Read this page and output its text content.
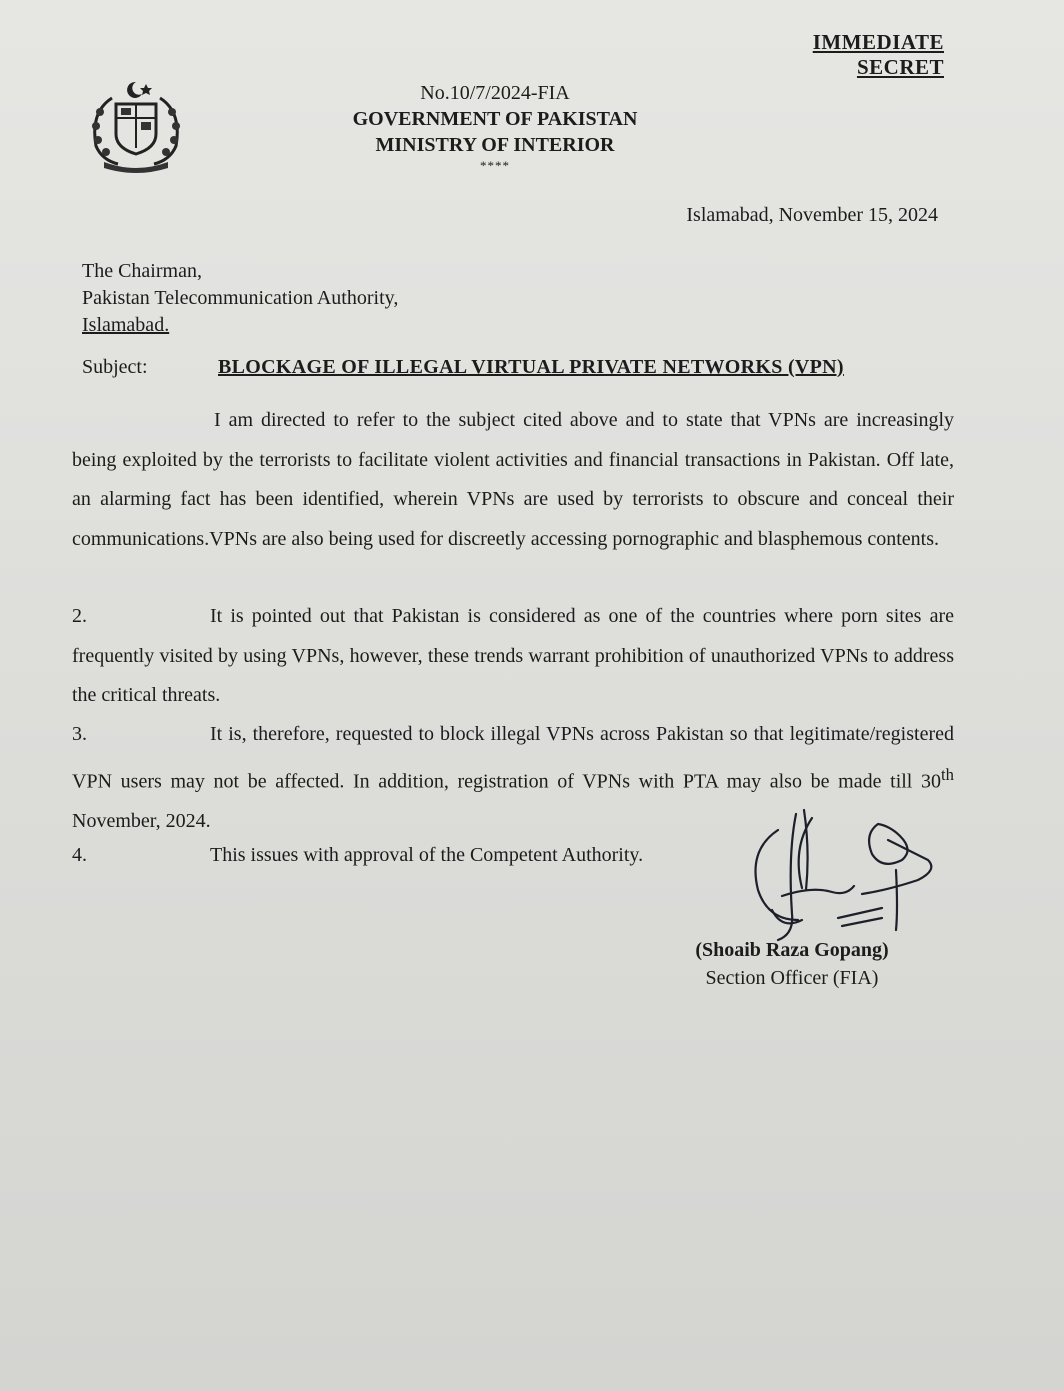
IMMEDIATE
SECRET
No.10/7/2024-FIA
GOVERNMENT OF PAKISTAN
MINISTRY OF INTERIOR
****
Islamabad, November 15, 2024
The Chairman,
Pakistan Telecommunication Authority,
Islamabad.
Subject:	BLOCKAGE OF ILLEGAL VIRTUAL PRIVATE NETWORKS (VPN)
I am directed to refer to the subject cited above and to state that VPNs are increasingly being exploited by the terrorists to facilitate violent activities and financial transactions in Pakistan. Off late, an alarming fact has been identified, wherein VPNs are used by terrorists to obscure and conceal their communications.VPNs are also being used for discreetly accessing pornographic and blasphemous contents.
2.	It is pointed out that Pakistan is considered as one of the countries where porn sites are frequently visited by using VPNs, however, these trends warrant prohibition of unauthorized VPNs to address the critical threats.
3.	It is, therefore, requested to block illegal VPNs across Pakistan so that legitimate/registered VPN users may not be affected. In addition, registration of VPNs with PTA may also be made till 30th November, 2024.
4.	This issues with approval of the Competent Authority.
(Shoaib Raza Gopang)
Section Officer (FIA)
